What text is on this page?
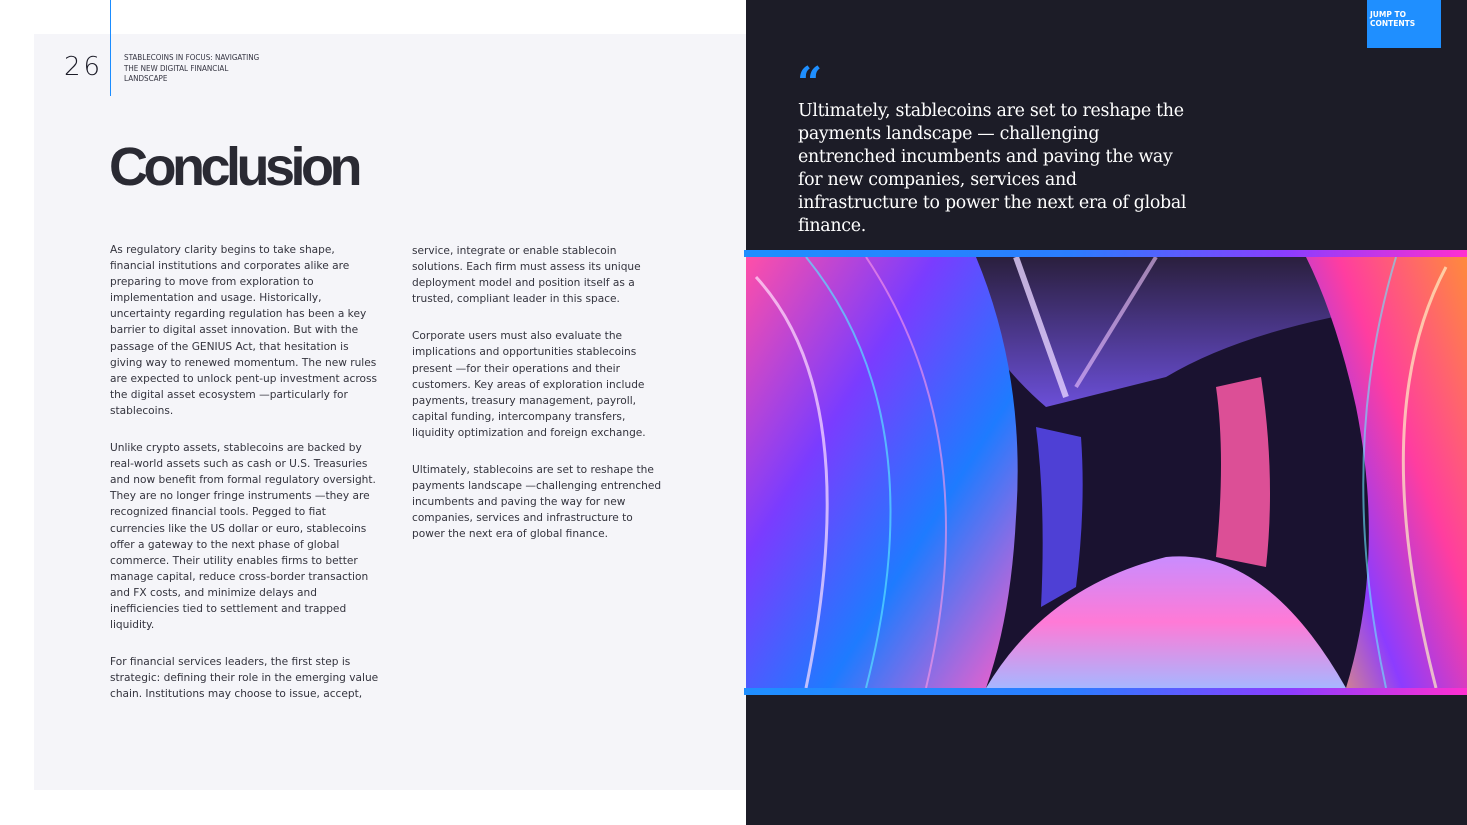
26	STABLECOINS IN FOCUS: NAVIGATING THE NEW DIGITAL FINANCIAL LANDSCAPE
Conclusion

As regulatory clarity begins to take shape, financial institutions and corporates alike are preparing to move from exploration to implementation and usage. Historically, uncertainty regarding regulation has been a key barrier to digital asset innovation. But with the passage of the GENIUS Act, that hesitation is giving way to renewed momentum. The new rules are expected to unlock pent-up investment across the digital asset ecosystem —particularly for stablecoins.

Unlike crypto assets, stablecoins are backed by real-world assets such as cash or U.S. Treasuries and now benefit from formal regulatory oversight. They are no longer fringe instruments —they are recognized financial tools. Pegged to fiat currencies like the US dollar or euro, stablecoins offer a gateway to the next phase of global commerce. Their utility enables firms to better manage capital, reduce cross-border transaction and FX costs, and minimize delays and inefficiencies tied to settlement and trapped liquidity.

For financial services leaders, the first step is strategic: defining their role in the emerging value chain. Institutions may choose to issue, accept,

service, integrate or enable stablecoin solutions. Each firm must assess its unique deployment model and position itself as a trusted, compliant leader in this space.

Corporate users must also evaluate the implications and opportunities stablecoins present —for their operations and their customers. Key areas of exploration include payments, treasury management, payroll, capital funding, intercompany transfers, liquidity optimization and foreign exchange.

Ultimately, stablecoins are set to reshape the payments landscape —challenging entrenched incumbents and paving the way for new companies, services and infrastructure to power the next era of global finance.

JUMP TO CONTENTS
“
Ultimately, stablecoins are set to reshape the payments landscape — challenging entrenched incumbents and paving the way for new companies, services and infrastructure to power the next era of global finance.
